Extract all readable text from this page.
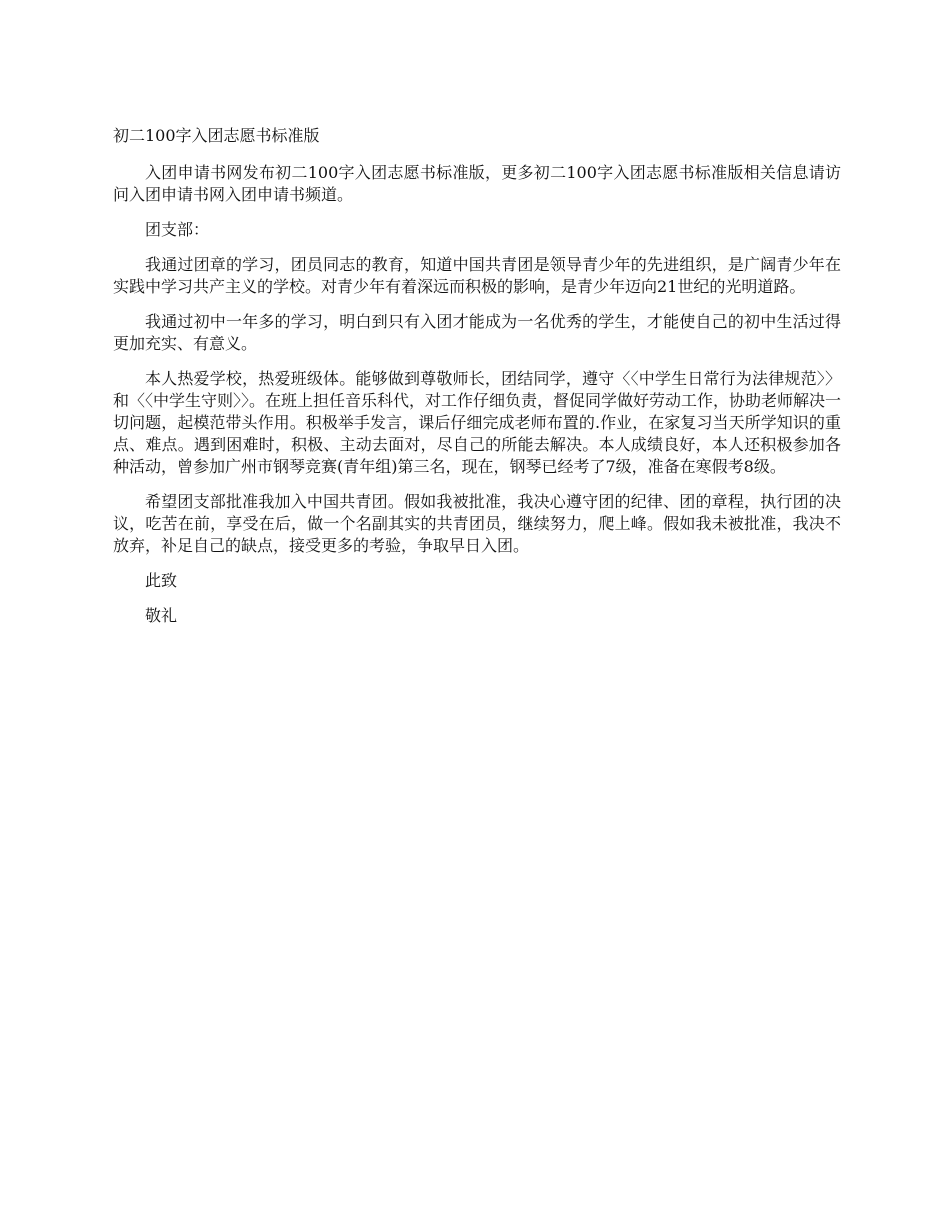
初二100字入团志愿书标准版

入团申请书网发布初二100字入团志愿书标准版，更多初二100字入团志愿书标准版相关信息请访问入团申请书网入团申请书频道。

团支部：

我通过团章的学习，团员同志的教育，知道中国共青团是领导青少年的先进组织，是广阔青少年在实践中学习共产主义的学校。对青少年有着深远而积极的影响，是青少年迈向21世纪的光明道路。

我通过初中一年多的学习，明白到只有入团才能成为一名优秀的学生，才能使自己的初中生活过得更加充实、有意义。

本人热爱学校，热爱班级体。能够做到尊敬师长，团结同学，遵守〈〈中学生日常行为法律规范〉〉和〈〈中学生守则〉〉。在班上担任音乐科代，对工作仔细负责，督促同学做好劳动工作，协助老师解决一切问题，起模范带头作用。积极举手发言，课后仔细完成老师布置的.作业，在家复习当天所学知识的重点、难点。遇到困难时，积极、主动去面对，尽自己的所能去解决。本人成绩良好，本人还积极参加各种活动，曾参加广州市钢琴竞赛(青年组)第三名，现在，钢琴已经考了7级，准备在寒假考8级。

希望团支部批准我加入中国共青团。假如我被批准，我决心遵守团的纪律、团的章程，执行团的决议，吃苦在前，享受在后，做一个名副其实的共青团员，继续努力，爬上峰。假如我未被批准，我决不放弃，补足自己的缺点，接受更多的考验，争取早日入团。

此致

敬礼
